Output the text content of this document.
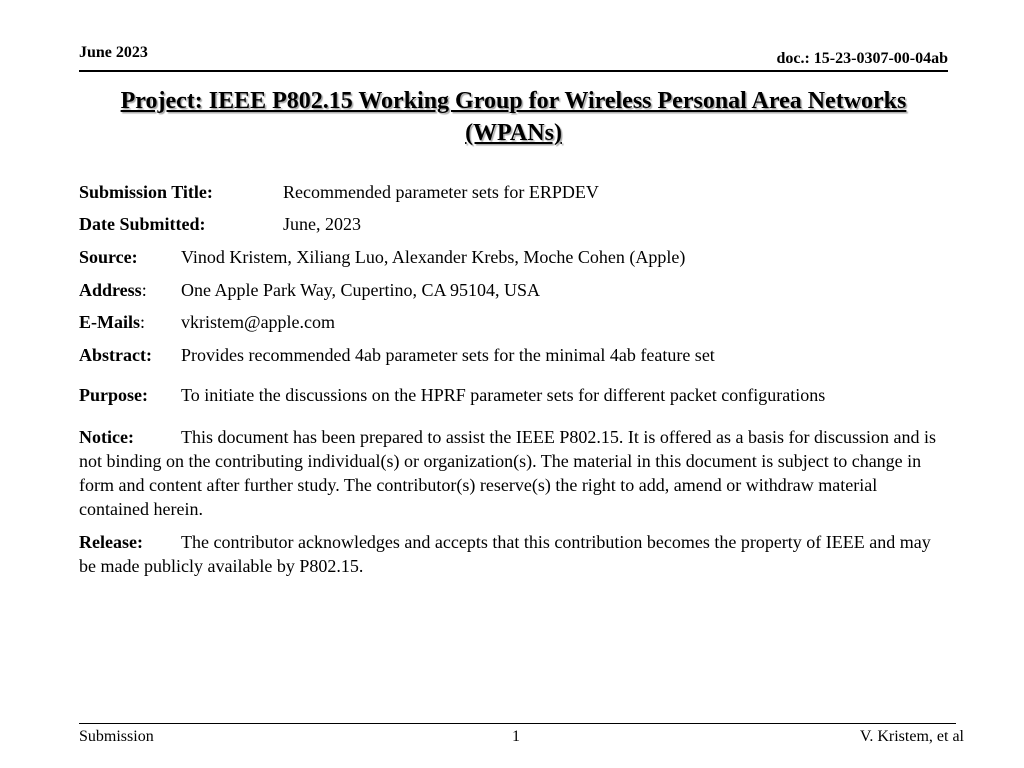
June 2023	doc.: 15-23-0307-00-04ab
Project: IEEE P802.15 Working Group for Wireless Personal Area Networks
(WPANs)
Submission Title:	Recommended parameter sets for ERPDEV
Date Submitted:	June, 2023
Source: Vinod Kristem, Xiliang Luo, Alexander Krebs, Moche Cohen (Apple)
Address: One Apple Park Way, Cupertino, CA 95104, USA
E-Mails: vkristem@apple.com
Abstract: Provides recommended 4ab parameter sets for the minimal 4ab feature set
Purpose: To initiate the discussions on the HPRF parameter sets for different packet configurations
Notice:	This document has been prepared to assist the IEEE P802.15. It is offered as a basis for discussion and is not binding on the contributing individual(s) or organization(s). The material in this document is subject to change in form and content after further study. The contributor(s) reserve(s) the right to add, amend or withdraw material contained herein.
Release: The contributor acknowledges and accepts that this contribution becomes the property of IEEE and may be made publicly available by P802.15.
Submission	1	V. Kristem, et al
